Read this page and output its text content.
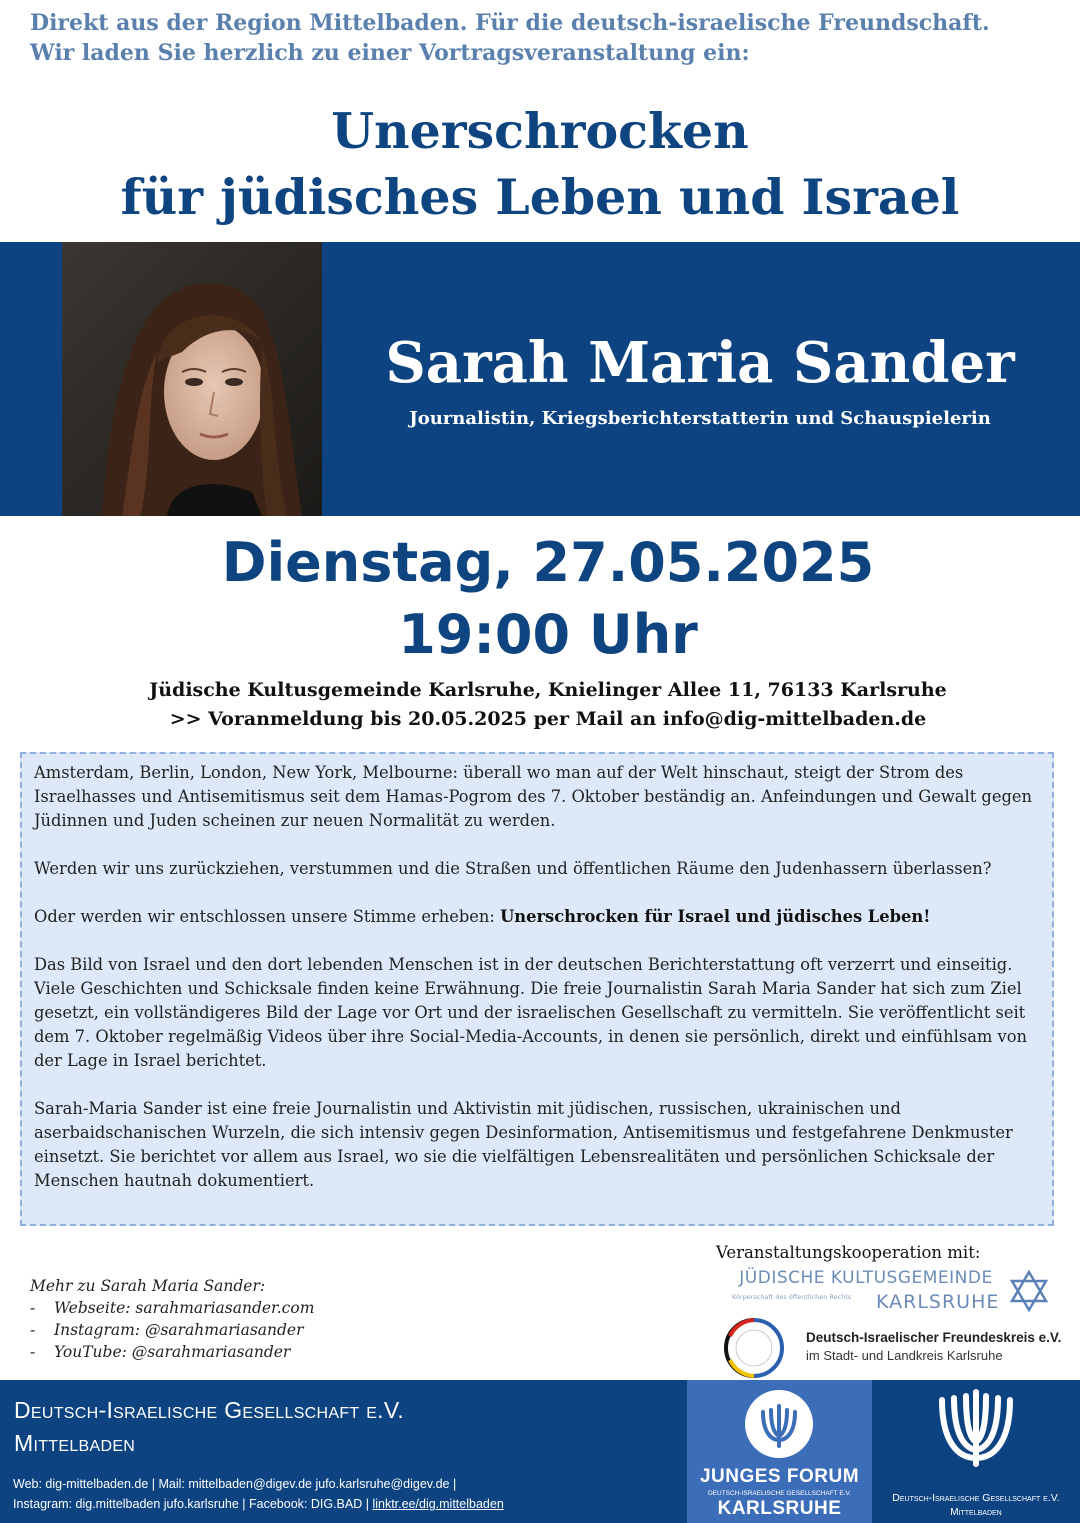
Direkt aus der Region Mittelbaden. Für die deutsch-israelische Freundschaft.
Wir laden Sie herzlich zu einer Vortragsveranstaltung ein:
Unerschrocken
für jüdisches Leben und Israel
Sarah Maria Sander
Journalistin, Kriegsberichterstatterin und Schauspielerin
Dienstag, 27.05.2025
19:00 Uhr
Jüdische Kultusgemeinde Karlsruhe, Knielinger Allee 11, 76133 Karlsruhe
>> Voranmeldung bis 20.05.2025 per Mail an info@dig-mittelbaden.de

Amsterdam, Berlin, London, New York, Melbourne: überall wo man auf der Welt hinschaut, steigt der Strom des Israelhasses und Antisemitismus seit dem Hamas-Pogrom des 7. Oktober beständig an. Anfeindungen und Gewalt gegen Jüdinnen und Juden scheinen zur neuen Normalität zu werden.

Werden wir uns zurückziehen, verstummen und die Straßen und öffentlichen Räume den Judenhassern überlassen?

Oder werden wir entschlossen unsere Stimme erheben: Unerschrocken für Israel und jüdisches Leben!

Das Bild von Israel und den dort lebenden Menschen ist in der deutschen Berichterstattung oft verzerrt und einseitig. Viele Geschichten und Schicksale finden keine Erwähnung. Die freie Journalistin Sarah Maria Sander hat sich zum Ziel gesetzt, ein vollständigeres Bild der Lage vor Ort und der israelischen Gesellschaft zu vermitteln. Sie veröffentlicht seit dem 7. Oktober regelmäßig Videos über ihre Social-Media-Accounts, in denen sie persönlich, direkt und einfühlsam von der Lage in Israel berichtet.

Sarah-Maria Sander ist eine freie Journalistin und Aktivistin mit jüdischen, russischen, ukrainischen und aserbaidschanischen Wurzeln, die sich intensiv gegen Desinformation, Antisemitismus und festgefahrene Denkmuster einsetzt. Sie berichtet vor allem aus Israel, wo sie die vielfältigen Lebensrealitäten und persönlichen Schicksale der Menschen hautnah dokumentiert.

Mehr zu Sarah Maria Sander:
- Webseite: sarahmariasander.com
- Instagram: @sarahmariasander
- YouTube: @sarahmariasander
Veranstaltungskooperation mit:
JÜDISCHE KULTUSGEMEINDE
Körperschaft des öffentlichen Rechts KARLSRUHE
Deutsch-Israelischer Freundeskreis e.V.
im Stadt- und Landkreis Karlsruhe
Deutsch-Israelische Gesellschaft e.V.
Mittelbaden
Web: dig-mittelbaden.de | Mail: mittelbaden@digev.de jufo.karlsruhe@digev.de |
Instagram: dig.mittelbaden jufo.karlsruhe | Facebook: DIG.BAD | linktr.ee/dig.mittelbaden
JUNGES FORUM
DEUTSCH-ISRAELISCHE GESELLSCHAFT E.V.
KARLSRUHE	Deutsch-Israelische Gesellschaft e.V.
Mittelbaden
